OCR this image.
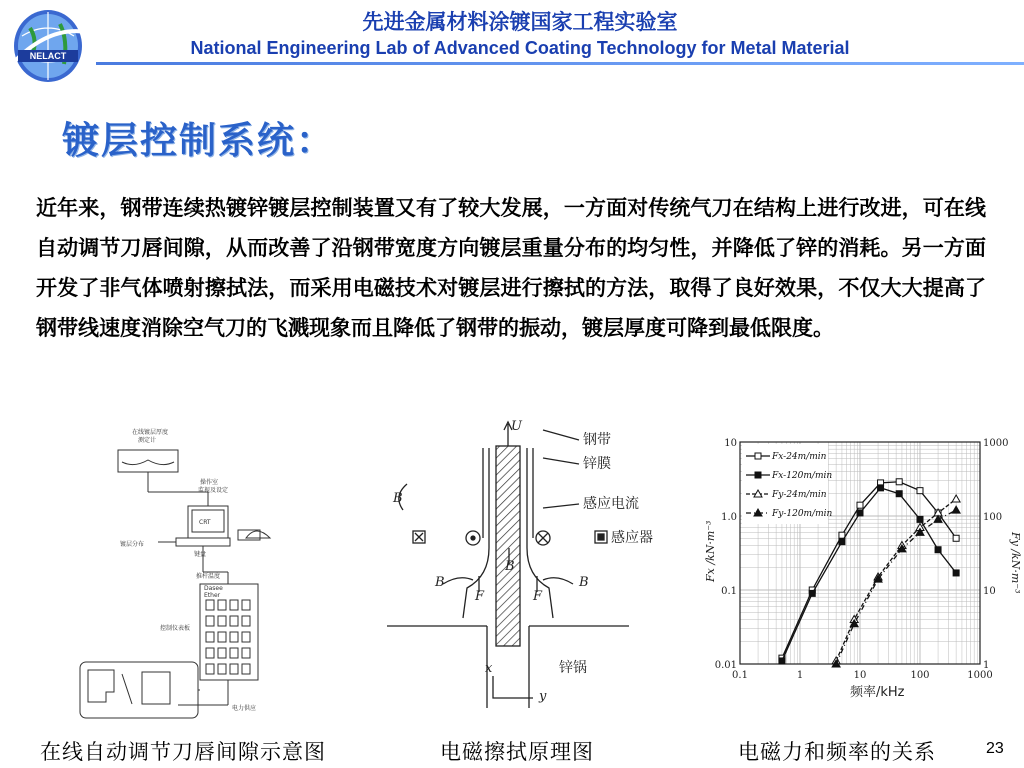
NELACT
先进金属材料涂镀国家工程实验室
National Engineering Lab of Advanced Coating Technology for Metal Material
镀层控制系统：
近年来，钢带连续热镀锌镀层控制装置又有了较大发展，一方面对传统气刀在结构上进行改进，可在线自动调节刀唇间隙，从而改善了沿钢带宽度方向镀层重量分布的均匀性，并降低了锌的消耗。另一方面开发了非气体喷射擦拭法，而采用电磁技术对镀层进行擦拭的方法，取得了良好效果，不仅大大提高了钢带线速度消除空气刀的飞溅现象而且降低了钢带的振动，镀层厚度可降到最低限度。
在线镀层厚度
测定计
操作室
监视及设定
CRT
镀层分布
键盘
推杆温度
Dasee
Ether
控制仪表板
电力供应
U
B
B
F
B
F
B
x
y
钢带
锌膜
感应电流
感应器
锌锅
Fx-24m/min
Fx-120m/min
Fy-24m/min
Fy-120m/min
0.1	1	10	100	1000
10
1.0
0.1
0.01
1000
100
10
1
频率/kHz
Fx /kN·m⁻³	Fy /kN·m⁻³
在线自动调节刀唇间隙示意图	电磁擦拭原理图	电磁力和频率的关系	23
